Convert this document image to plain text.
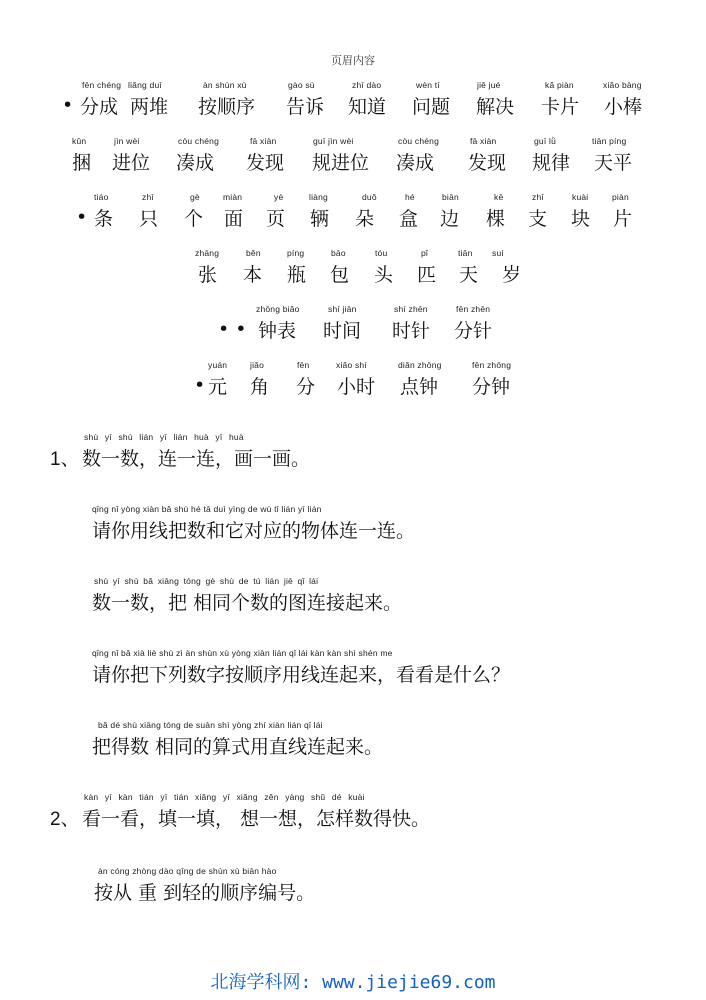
页眉内容
•
fēn chéng liǎng duī	àn shùn xù	gào sù	zhī dào	wèn tí	jiě jué	kǎ piàn	xiǎo bàng
分成 两堆 按顺序 告诉 知道 问题 解决 卡片 小棒
kǔn	jìn wèi	còu chéng	fā xiàn	guī jìn wèi	còu chéng	fā xiàn	guī lǜ	tiān píng
捆 进位 凑成 发现 规进位 凑成 发现 规律 天平
•
tiáo	zhī	gè	miàn	yè	liàng	duǒ	hé	biān	kē	zhī	kuài	piàn
条 只 个 面 页 辆 朵 盒 边 棵 支 块 片
zhāng	běn	píng	bāo	tóu	pǐ	tiān suì
张 本 瓶 包 头 匹 天 岁
• •
zhōng biǎo	shí jiān	shí zhēn	fēn zhēn
钟表 时间 时针 分针
•
yuán	jiǎo	fēn	xiǎo shí	diǎn zhōng	fēn zhōng
元 角 分 小时 点钟 分钟
shù yī shù lián yī lián huà yī huà
1、 数一数，连一连，画一画。
qǐng nǐ yòng xiàn bǎ shù hé tā duì yìng de wù tǐ lián yī lián
请你用线把数和它对应的物体连一连。
shù yī shù bǎ xiāng tóng gè shù de tú lián jiē qǐ lái
数一数，把 相同个数的图连接起来。
qǐng nǐ bǎ xià liè shù zì àn shùn xù yòng xiàn lián qǐ lái kàn kàn shì shén me
请你把下列数字按顺序用线连起来，看看是什么？
bǎ dé shù xiāng tóng de suàn shì yòng zhí xiàn lián qǐ lái
把得数 相同的算式用直线连起来。
kàn yī kàn tián yī tián xiǎng yī xiǎng zěn yàng shǔ dé kuài
2、 看一看，填一填， 想一想，怎样数得快。
àn cóng zhòng dào qīng de shùn xù biān hào
按从 重 到轻的顺序编号。
北海学科网: www.jiejie69.com
